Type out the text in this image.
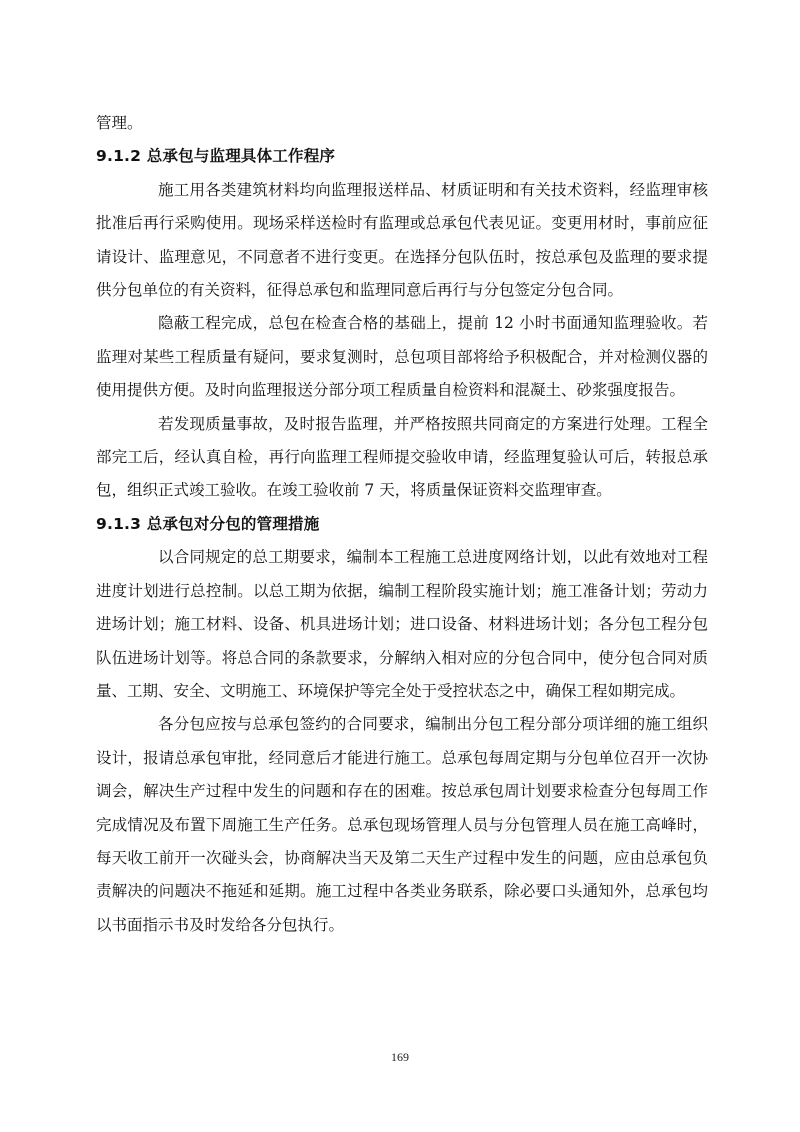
管理。

9.1.2 总承包与监理具体工作程序

施工用各类建筑材料均向监理报送样品、材质证明和有关技术资料，经监理审核批准后再行采购使用。现场采样送检时有监理或总承包代表见证。变更用材时，事前应征请设计、监理意见，不同意者不进行变更。在选择分包队伍时，按总承包及监理的要求提供分包单位的有关资料，征得总承包和监理同意后再行与分包签定分包合同。

隐蔽工程完成，总包在检查合格的基础上，提前 12 小时书面通知监理验收。若监理对某些工程质量有疑问，要求复测时，总包项目部将给予积极配合，并对检测仪器的使用提供方便。及时向监理报送分部分项工程质量自检资料和混凝土、砂浆强度报告。

若发现质量事故，及时报告监理，并严格按照共同商定的方案进行处理。工程全部完工后，经认真自检，再行向监理工程师提交验收申请，经监理复验认可后，转报总承包，组织正式竣工验收。在竣工验收前 7 天，将质量保证资料交监理审查。

9.1.3 总承包对分包的管理措施

以合同规定的总工期要求，编制本工程施工总进度网络计划，以此有效地对工程进度计划进行总控制。以总工期为依据，编制工程阶段实施计划；施工准备计划；劳动力进场计划；施工材料、设备、机具进场计划；进口设备、材料进场计划；各分包工程分包队伍进场计划等。将总合同的条款要求，分解纳入相对应的分包合同中，使分包合同对质量、工期、安全、文明施工、环境保护等完全处于受控状态之中，确保工程如期完成。

各分包应按与总承包签约的合同要求，编制出分包工程分部分项详细的施工组织设计，报请总承包审批，经同意后才能进行施工。总承包每周定期与分包单位召开一次协调会，解决生产过程中发生的问题和存在的困难。按总承包周计划要求检查分包每周工作完成情况及布置下周施工生产任务。总承包现场管理人员与分包管理人员在施工高峰时，每天收工前开一次碰头会，协商解决当天及第二天生产过程中发生的问题，应由总承包负责解决的问题决不拖延和延期。施工过程中各类业务联系，除必要口头通知外，总承包均以书面指示书及时发给各分包执行。

169
